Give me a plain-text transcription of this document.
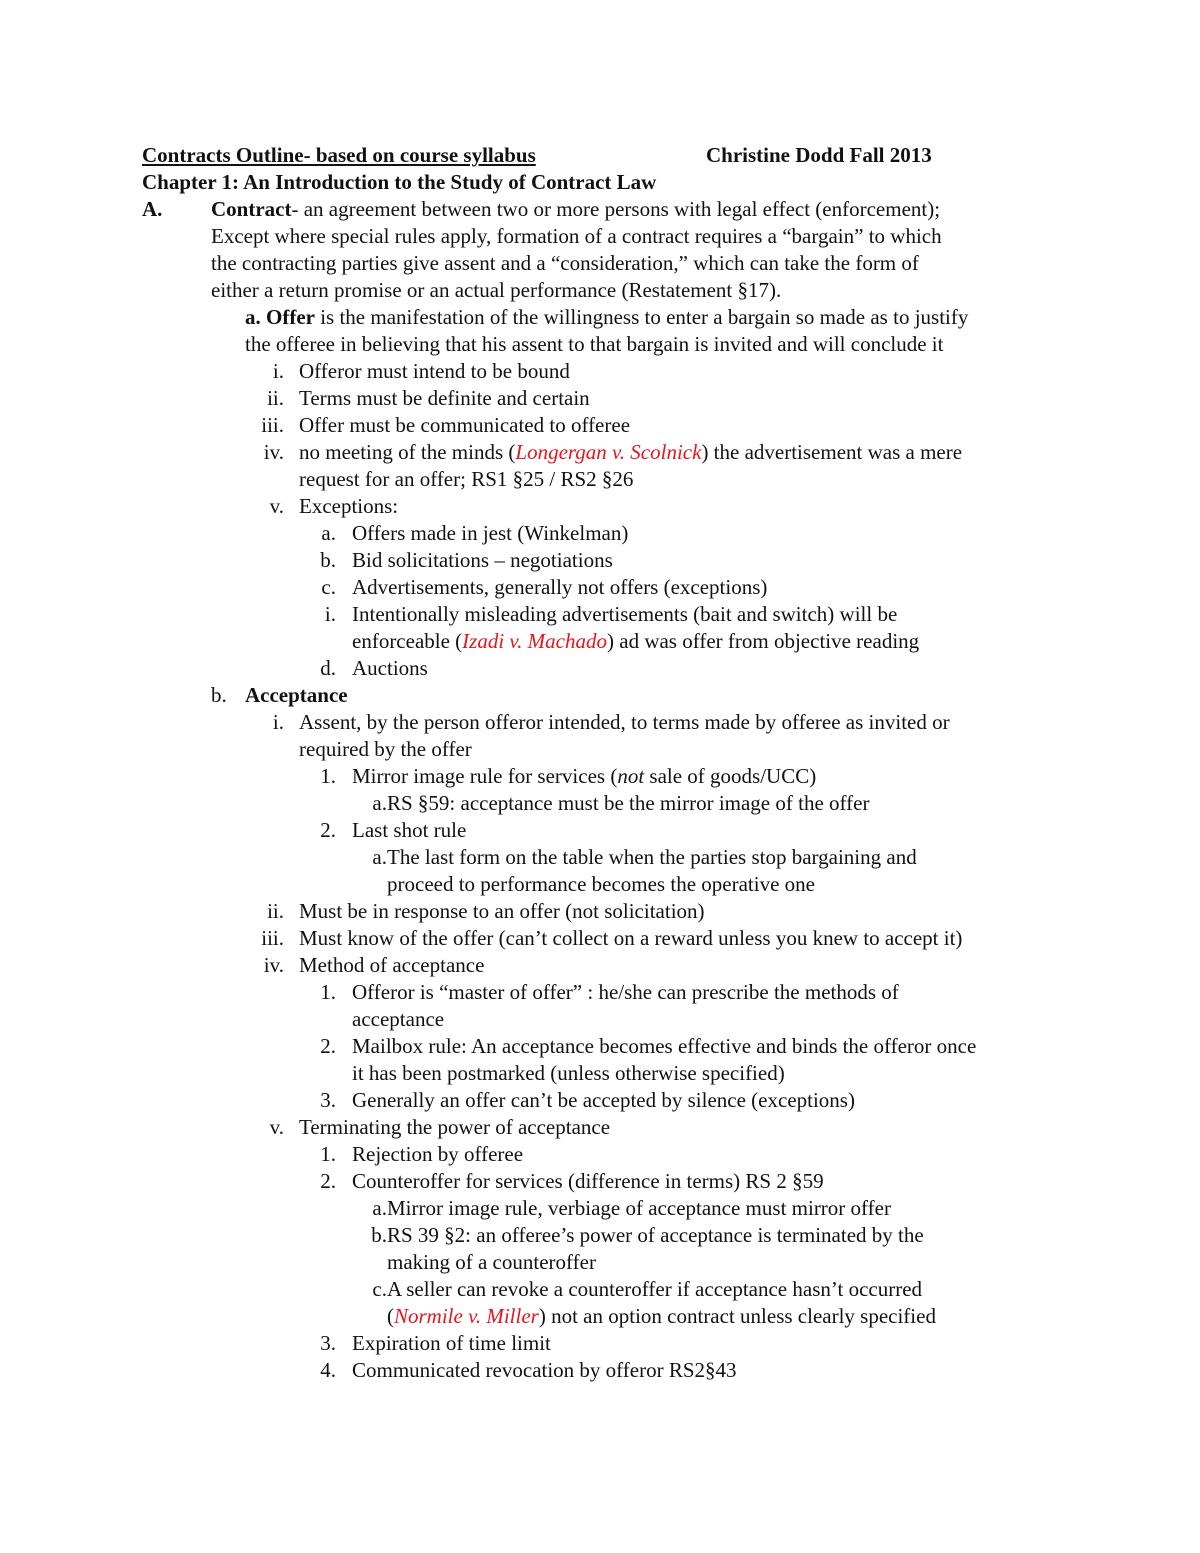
Contracts Outline- based on course syllabus	Christine Dodd Fall 2013
Chapter 1: An Introduction to the Study of Contract Law
A. Contract- an agreement between two or more persons with legal effect (enforcement);
Except where special rules apply, formation of a contract requires a “bargain” to which
the contracting parties give assent and a “consideration,” which can take the form of
either a return promise or an actual performance (Restatement §17).
a. Offer is the manifestation of the willingness to enter a bargain so made as to justify
the offeree in believing that his assent to that bargain is invited and will conclude it
i. Offeror must intend to be bound
ii. Terms must be definite and certain
iii. Offer must be communicated to offeree
iv. no meeting of the minds (Longergan v. Scolnick) the advertisement was a mere
request for an offer; RS1 §25 / RS2 §26
v. Exceptions:
a. Offers made in jest (Winkelman)
b. Bid solicitations – negotiations
c. Advertisements, generally not offers (exceptions)
i. Intentionally misleading advertisements (bait and switch) will be
enforceable (Izadi v. Machado) ad was offer from objective reading
d. Auctions
b. Acceptance
i. Assent, by the person offeror intended, to terms made by offeree as invited or
required by the offer
1. Mirror image rule for services (not sale of goods/UCC)
a. RS §59: acceptance must be the mirror image of the offer
2. Last shot rule
a. The last form on the table when the parties stop bargaining and
proceed to performance becomes the operative one
ii. Must be in response to an offer (not solicitation)
iii. Must know of the offer (can’t collect on a reward unless you knew to accept it)
iv. Method of acceptance
1. Offeror is “master of offer” : he/she can prescribe the methods of
acceptance
2. Mailbox rule: An acceptance becomes effective and binds the offeror once
it has been postmarked (unless otherwise specified)
3. Generally an offer can’t be accepted by silence (exceptions)
v. Terminating the power of acceptance
1. Rejection by offeree
2. Counteroffer for services (difference in terms) RS 2 §59
a. Mirror image rule, verbiage of acceptance must mirror offer
b. RS 39 §2: an offeree’s power of acceptance is terminated by the
making of a counteroffer
c. A seller can revoke a counteroffer if acceptance hasn’t occurred
(Normile v. Miller) not an option contract unless clearly specified
3. Expiration of time limit
4. Communicated revocation by offeror RS2§43
